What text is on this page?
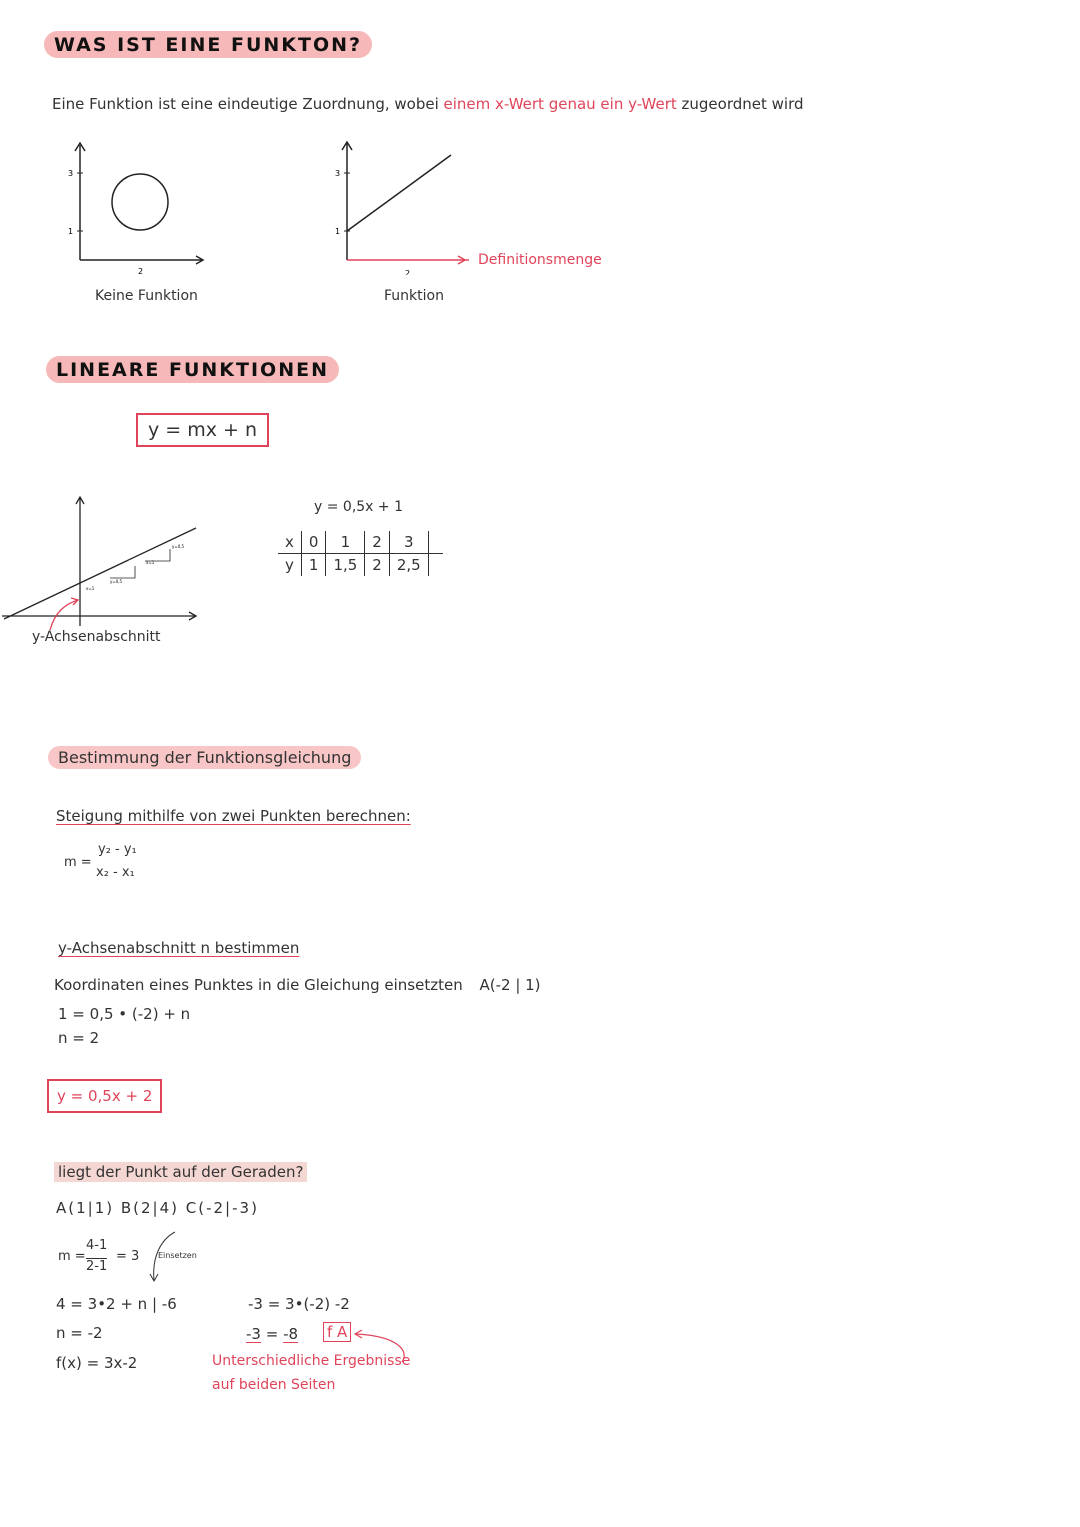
WAS IST EINE FUNKTON?
Eine Funktion ist eine eindeutige Zuordnung, wobei einem x-Wert genau ein y-Wert zugeordnet wird
3
1
2
Keine Funktion
3
1
2
Definitionsmenge
Funktion
LINEARE FUNKTIONEN
y = mx + n
y=0,5
y=0,5
x=1
x=1
y-Achsenabschnitt
y = 0,5x + 1
x	0	1	2	3	
y	1	1,5	2	2,5	
Bestimmung der Funktionsgleichung
Steigung mithilfe von zwei Punkten berechnen:
m =
y₂ - y₁
x₂ - x₁
y-Achsenabschnitt n bestimmen
Koordinaten eines Punktes in die Gleichung einsetzten A(-2 | 1)
1 = 0,5 • (-2) + n
n = 2
y = 0,5x + 2
liegt der Punkt auf der Geraden?
A(1|1) B(2|4) C(-2|-3)
m =
4-1
2-1
= 3 Einsetzen
4 = 3•2 + n | -6
n = -2
f(x) = 3x-2
-3 = 3•(-2) -2
-3 = -8 f A
Unterschiedliche Ergebnisse
auf beiden Seiten
